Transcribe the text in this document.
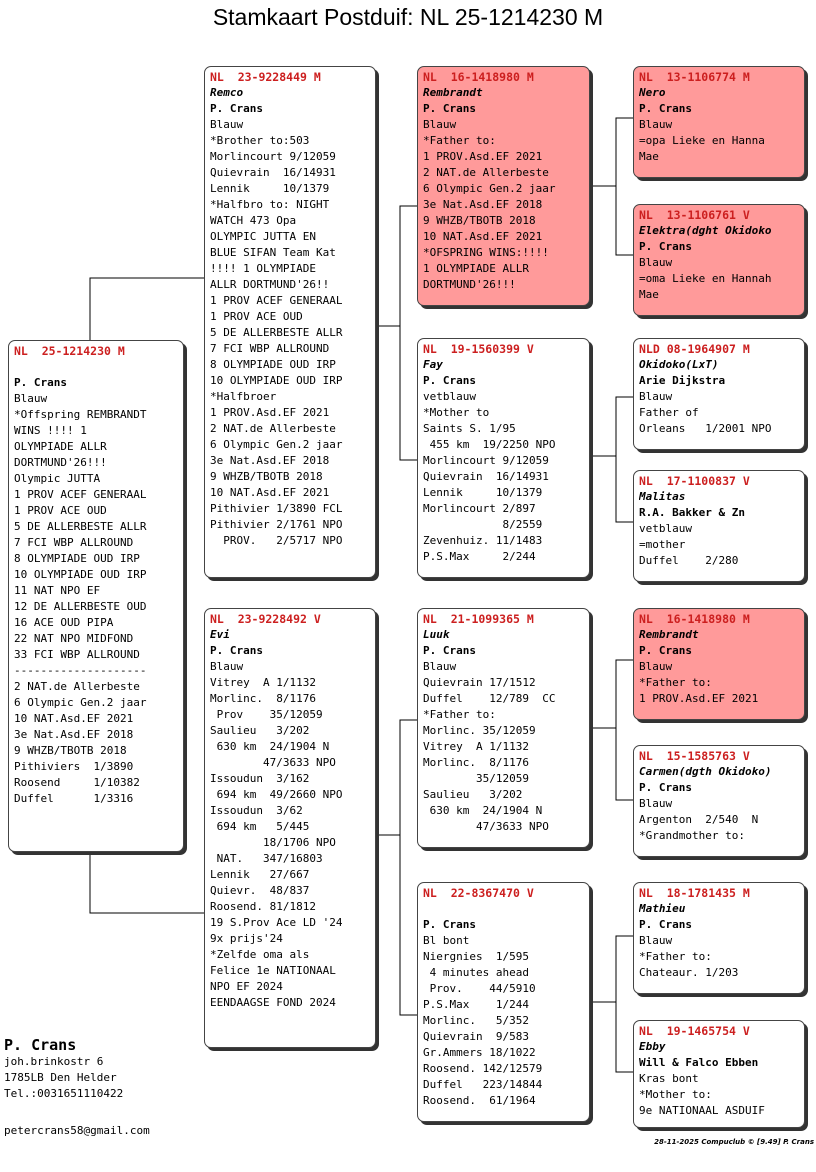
Stamkaart Postduif: NL 25-1214230 M
NL  25-1214230 M
P. Crans
Blauw
*Offspring REMBRANDT
WINS !!!! 1
OLYMPIADE ALLR
DORTMUND'26!!!
Olympic JUTTA
1 PROV ACEF GENERAAL
1 PROV ACE OUD
5 DE ALLERBESTE ALLR
7 FCI WBP ALLROUND
8 OLYMPIADE OUD IRP
10 OLYMPIADE OUD IRP
11 NAT NPO EF
12 DE ALLERBESTE OUD
16 ACE OUD PIPA
22 NAT NPO MIDFOND
33 FCI WBP ALLROUND
--------------------
2 NAT.de Allerbeste
6 Olympic Gen.2 jaar
10 NAT.Asd.EF 2021
3e Nat.Asd.EF 2018
9 WHZB/TBOTB 2018
Pithiviers  1/3890
Roosend     1/10382
Duffel      1/3316
NL  23-9228449 M
Remco
P. Crans
Blauw
*Brother to:503
Morlincourt 9/12059
Quievrain  16/14931
Lennik     10/1379
*Halfbro to: NIGHT
WATCH 473 Opa
OLYMPIC JUTTA EN
BLUE SIFAN Team Kat
!!!! 1 OLYMPIADE
ALLR DORTMUND'26!!
1 PROV ACEF GENERAAL
1 PROV ACE OUD
5 DE ALLERBESTE ALLR
7 FCI WBP ALLROUND
8 OLYMPIADE OUD IRP
10 OLYMPIADE OUD IRP
*Halfbroer
1 PROV.Asd.EF 2021
2 NAT.de Allerbeste
6 Olympic Gen.2 jaar
3e Nat.Asd.EF 2018
9 WHZB/TBOTB 2018
10 NAT.Asd.EF 2021
Pithivier 1/3890 FCL
Pithivier 2/1761 NPO
PROV.   2/5717 NPO
NL  23-9228492 V
Evi
P. Crans
Blauw
Vitrey  A 1/1132
Morlinc.  8/1176
Prov    35/12059
Saulieu   3/202
630 km  24/1904 N
47/3633 NPO
Issoudun  3/162
694 km  49/2660 NPO
Issoudun  3/62
694 km   5/445
18/1706 NPO
NAT.   347/16803
Lennik   27/667
Quievr.  48/837
Roosend. 81/1812
19 S.Prov Ace LD '24
9x prijs'24
*Zelfde oma als
Felice 1e NATIONAAL
NPO EF 2024
EENDAAGSE FOND 2024
NL  16-1418980 M
Rembrandt
P. Crans
Blauw
*Father to:
1 PROV.Asd.EF 2021
2 NAT.de Allerbeste
6 Olympic Gen.2 jaar
3e Nat.Asd.EF 2018
9 WHZB/TBOTB 2018
10 NAT.Asd.EF 2021
*OFSPRING WINS:!!!!
1 OLYMPIADE ALLR
DORTMUND'26!!!
NL  19-1560399 V
Fay
P. Crans
vetblauw
*Mother to
Saints S. 1/95
455 km  19/2250 NPO
Morlincourt 9/12059
Quievrain  16/14931
Lennik     10/1379
Morlincourt 2/897
8/2559
Zevenhuiz. 11/1483
P.S.Max     2/244
NL  21-1099365 M
Luuk
P. Crans
Blauw
Quievrain 17/1512
Duffel    12/789  CC
*Father to:
Morlinc. 35/12059
Vitrey  A 1/1132
Morlinc.  8/1176
35/12059
Saulieu   3/202
630 km  24/1904 N
47/3633 NPO
NL  22-8367470 V
P. Crans
Bl bont
Niergnies  1/595
4 minutes ahead
Prov.    44/5910
P.S.Max    1/244
Morlinc.   5/352
Quievrain  9/583
Gr.Ammers 18/1022
Roosend. 142/12579
Duffel   223/14844
Roosend.  61/1964
NL  13-1106774 M
Nero
P. Crans
Blauw
=opa Lieke en Hanna
Mae
NL  13-1106761 V
Elektra(dght Okidoko
P. Crans
Blauw
=oma Lieke en Hannah
Mae
NLD 08-1964907 M
Okidoko(LxT)
Arie Dijkstra
Blauw
Father of
Orleans   1/2001 NPO
NL  17-1100837 V
Malitas
R.A. Bakker & Zn
vetblauw
=mother
Duffel    2/280
NL  16-1418980 M
Rembrandt
P. Crans
Blauw
*Father to:
1 PROV.Asd.EF 2021
NL  15-1585763 V
Carmen(dgth Okidoko)
P. Crans
Blauw
Argenton  2/540  N
*Grandmother to:
NL  18-1781435 M
Mathieu
P. Crans
Blauw
*Father to:
Chateaur. 1/203
NL  19-1465754 V
Ebby
Will & Falco Ebben
Kras bont
*Mother to:
9e NATIONAAL ASDUIF
P. Crans
joh.brinkostr 6
1785LB Den Helder
Tel.:0031651110422
petercrans58@gmail.com
28-11-2025 Compuclub © [9.49] P. Crans
